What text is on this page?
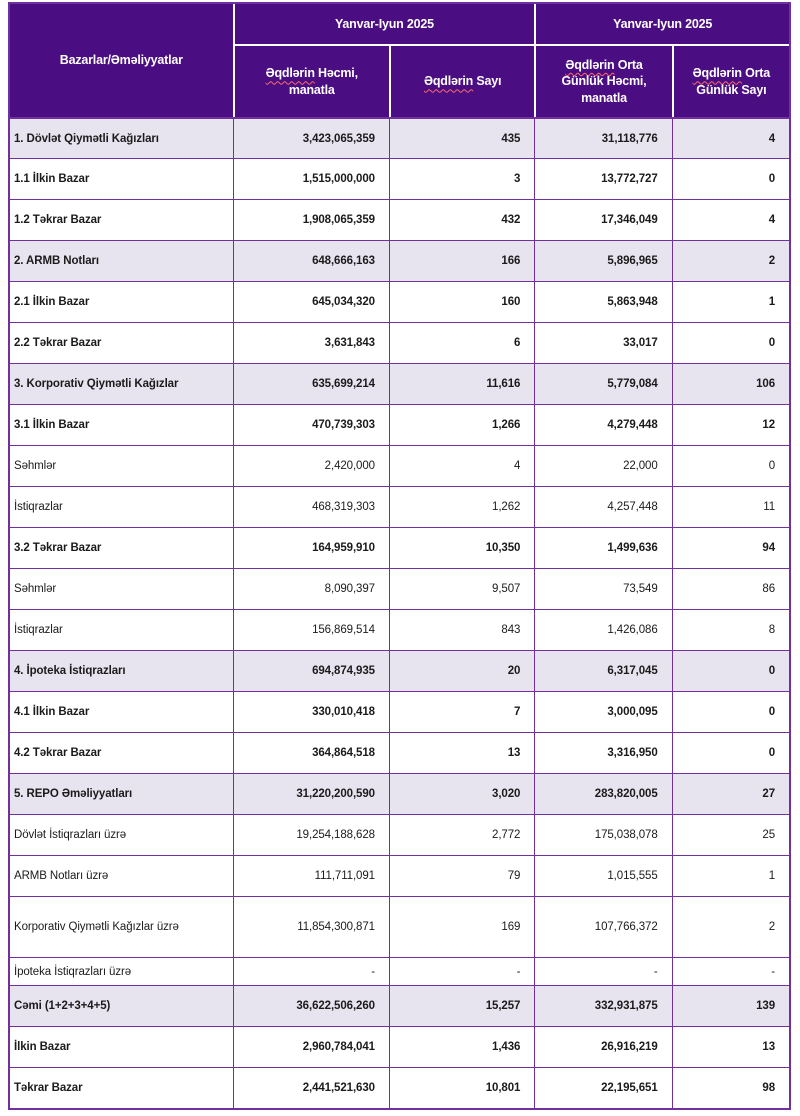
Bazarlar/Əməliyyatlar	Yanvar-Iyun 2025		Yanvar-Iyun 2025	
	Əqdlərin Həcmi, manatla	Əqdlərin Sayı	Əqdlərin Orta Günlük Həcmi, manatla	Əqdlərin Orta Günlük Sayı
1. Dövlət Qiymətli Kağızları	3,423,065,359	435	31,118,776	4
1.1 İlkin Bazar	1,515,000,000	3	13,772,727	0
1.2 Təkrar Bazar	1,908,065,359	432	17,346,049	4
2. ARMB Notları	648,666,163	166	5,896,965	2
2.1 İlkin Bazar	645,034,320	160	5,863,948	1
2.2 Təkrar Bazar	3,631,843	6	33,017	0
3. Korporativ Qiymətli Kağızlar	635,699,214	11,616	5,779,084	106
3.1 İlkin Bazar	470,739,303	1,266	4,279,448	12
Səhmlər	2,420,000	4	22,000	0
İstiqrazlar	468,319,303	1,262	4,257,448	11
3.2 Təkrar Bazar	164,959,910	10,350	1,499,636	94
Səhmlər	8,090,397	9,507	73,549	86
İstiqrazlar	156,869,514	843	1,426,086	8
4. İpoteka İstiqrazları	694,874,935	20	6,317,045	0
4.1 İlkin Bazar	330,010,418	7	3,000,095	0
4.2 Təkrar Bazar	364,864,518	13	3,316,950	0
5. REPO Əməliyyatları	31,220,200,590	3,020	283,820,005	27
Dövlət İstiqrazları üzrə	19,254,188,628	2,772	175,038,078	25
ARMB Notları üzrə	111,711,091	79	1,015,555	1
Korporativ Qiymətli Kağızlar üzrə	11,854,300,871	169	107,766,372	2
İpoteka İstiqrazları üzrə	-	-	-	-
Cəmi (1+2+3+4+5)	36,622,506,260	15,257	332,931,875	139
İlkin Bazar	2,960,784,041	1,436	26,916,219	13
Təkrar Bazar	2,441,521,630	10,801	22,195,651	98
